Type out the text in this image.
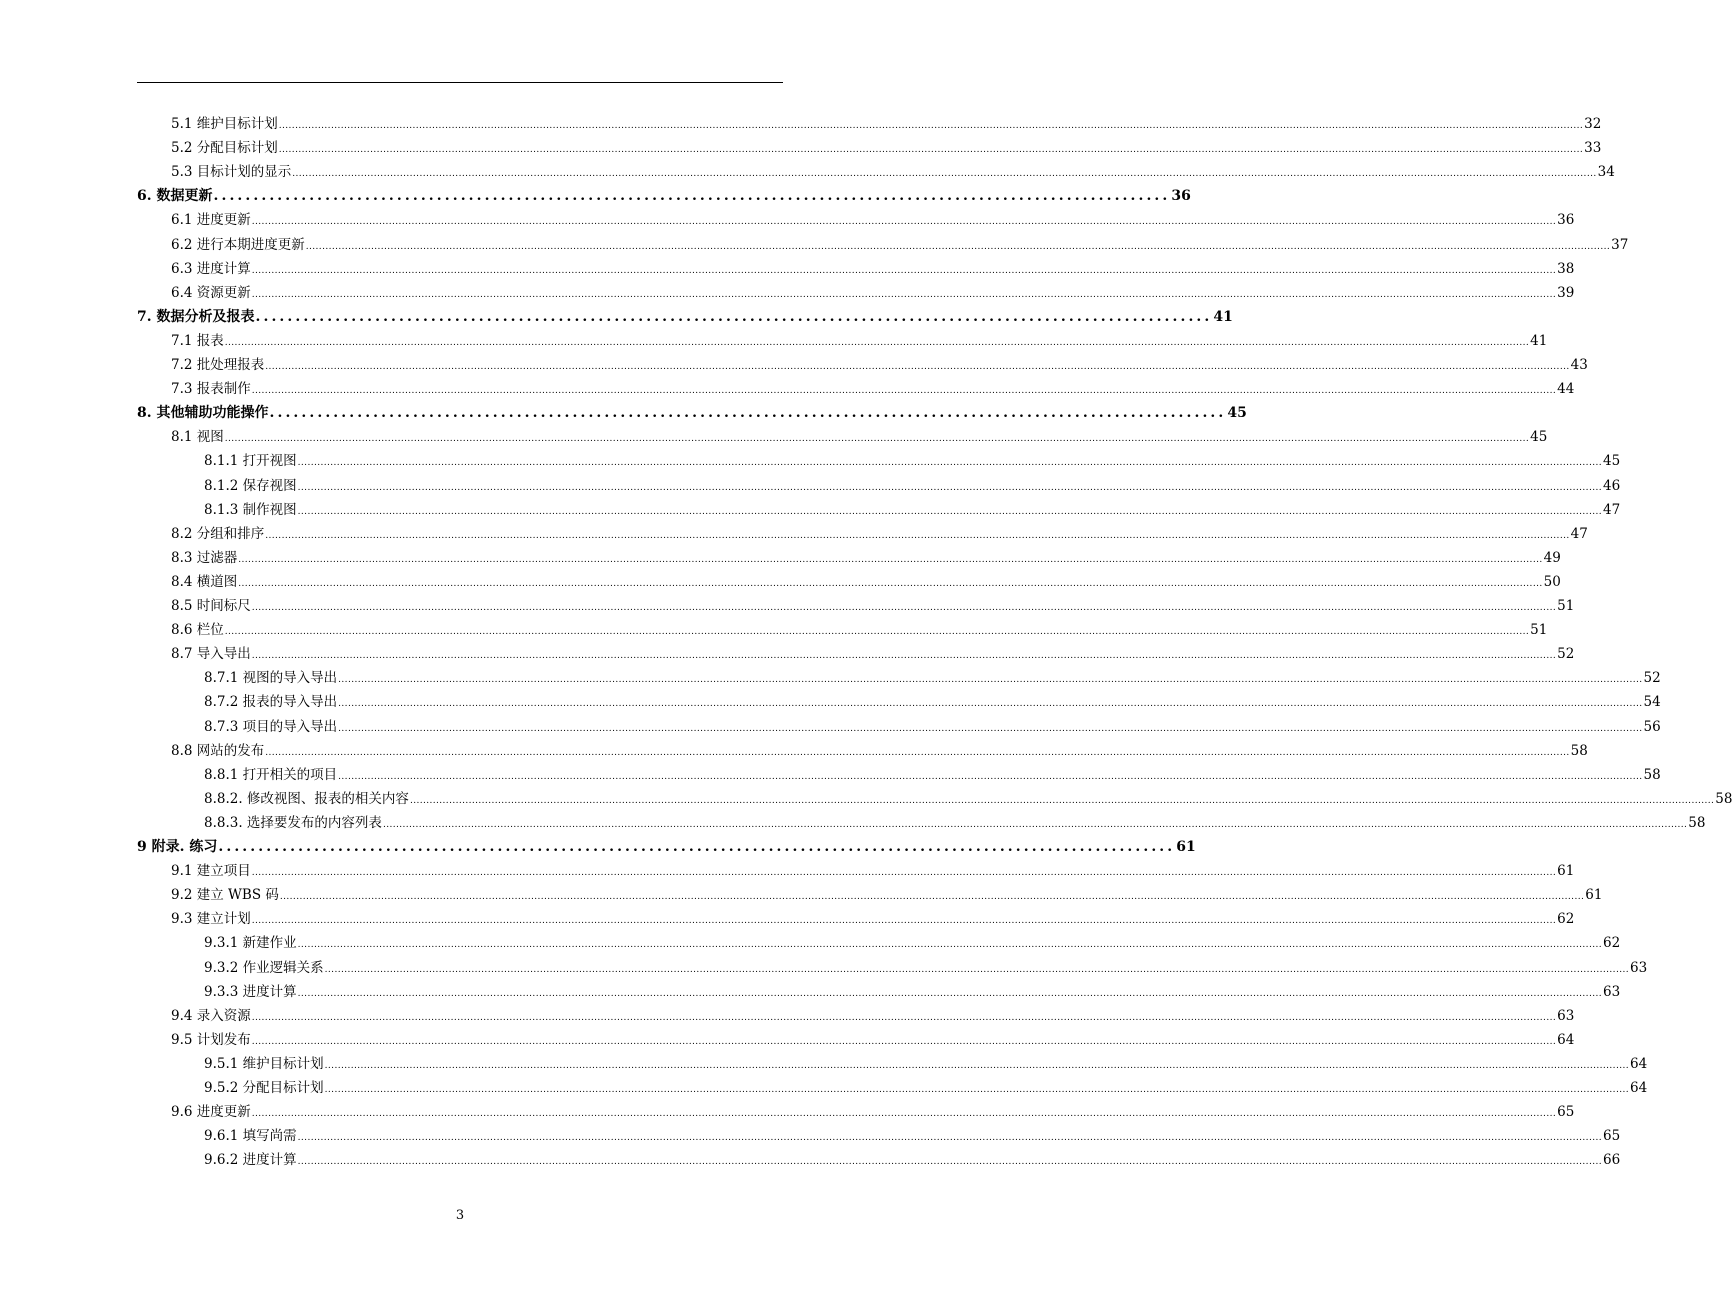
5.1 维护目标计划 ................................................................................................................................................................................................................................................................................................................................................................................................................ 32
5.2 分配目标计划 ................................................................................................................................................................................................................................................................................................................................................................................................................ 33
5.3 目标计划的显示 ................................................................................................................................................................................................................................................................................................................................................................................................................ 34
6. 数据更新 ........................................................................................................................ 36
6.1 进度更新 ................................................................................................................................................................................................................................................................................................................................................................................................................ 36
6.2 进行本期进度更新 ................................................................................................................................................................................................................................................................................................................................................................................................................ 37
6.3 进度计算 ................................................................................................................................................................................................................................................................................................................................................................................................................ 38
6.4 资源更新 ................................................................................................................................................................................................................................................................................................................................................................................................................ 39
7. 数据分析及报表 ........................................................................................................................ 41
7.1 报表 ................................................................................................................................................................................................................................................................................................................................................................................................................ 41
7.2 批处理报表 ................................................................................................................................................................................................................................................................................................................................................................................................................ 43
7.3 报表制作 ................................................................................................................................................................................................................................................................................................................................................................................................................ 44
8. 其他辅助功能操作 ........................................................................................................................ 45
8.1 视图 ................................................................................................................................................................................................................................................................................................................................................................................................................ 45
8.1.1 打开视图 ................................................................................................................................................................................................................................................................................................................................................................................................................ 45
8.1.2 保存视图 ................................................................................................................................................................................................................................................................................................................................................................................................................ 46
8.1.3 制作视图 ................................................................................................................................................................................................................................................................................................................................................................................................................ 47
8.2 分组和排序 ................................................................................................................................................................................................................................................................................................................................................................................................................ 47
8.3 过滤器 ................................................................................................................................................................................................................................................................................................................................................................................................................ 49
8.4 横道图 ................................................................................................................................................................................................................................................................................................................................................................................................................ 50
8.5 时间标尺 ................................................................................................................................................................................................................................................................................................................................................................................................................ 51
8.6 栏位 ................................................................................................................................................................................................................................................................................................................................................................................................................ 51
8.7 导入导出 ................................................................................................................................................................................................................................................................................................................................................................................................................ 52
8.7.1 视图的导入导出 ................................................................................................................................................................................................................................................................................................................................................................................................................ 52
8.7.2 报表的导入导出 ................................................................................................................................................................................................................................................................................................................................................................................................................ 54
8.7.3 项目的导入导出 ................................................................................................................................................................................................................................................................................................................................................................................................................ 56
8.8 网站的发布 ................................................................................................................................................................................................................................................................................................................................................................................................................ 58
8.8.1 打开相关的项目 ................................................................................................................................................................................................................................................................................................................................................................................................................ 58
8.8.2. 修改视图、报表的相关内容 ................................................................................................................................................................................................................................................................................................................................................................................................................ 58
8.8.3. 选择要发布的内容列表 ................................................................................................................................................................................................................................................................................................................................................................................................................ 58
9 附录. 练习 ........................................................................................................................ 61
9.1 建立项目 ................................................................................................................................................................................................................................................................................................................................................................................................................ 61
9.2 建立 WBS 码 ................................................................................................................................................................................................................................................................................................................................................................................................................ 61
9.3 建立计划 ................................................................................................................................................................................................................................................................................................................................................................................................................ 62
9.3.1 新建作业 ................................................................................................................................................................................................................................................................................................................................................................................................................ 62
9.3.2 作业逻辑关系 ................................................................................................................................................................................................................................................................................................................................................................................................................ 63
9.3.3 进度计算 ................................................................................................................................................................................................................................................................................................................................................................................................................ 63
9.4 录入资源 ................................................................................................................................................................................................................................................................................................................................................................................................................ 63
9.5 计划发布 ................................................................................................................................................................................................................................................................................................................................................................................................................ 64
9.5.1 维护目标计划 ................................................................................................................................................................................................................................................................................................................................................................................................................ 64
9.5.2 分配目标计划 ................................................................................................................................................................................................................................................................................................................................................................................................................ 64
9.6 进度更新 ................................................................................................................................................................................................................................................................................................................................................................................................................ 65
9.6.1 填写尚需 ................................................................................................................................................................................................................................................................................................................................................................................................................ 65
9.6.2 进度计算 ................................................................................................................................................................................................................................................................................................................................................................................................................ 66
3
